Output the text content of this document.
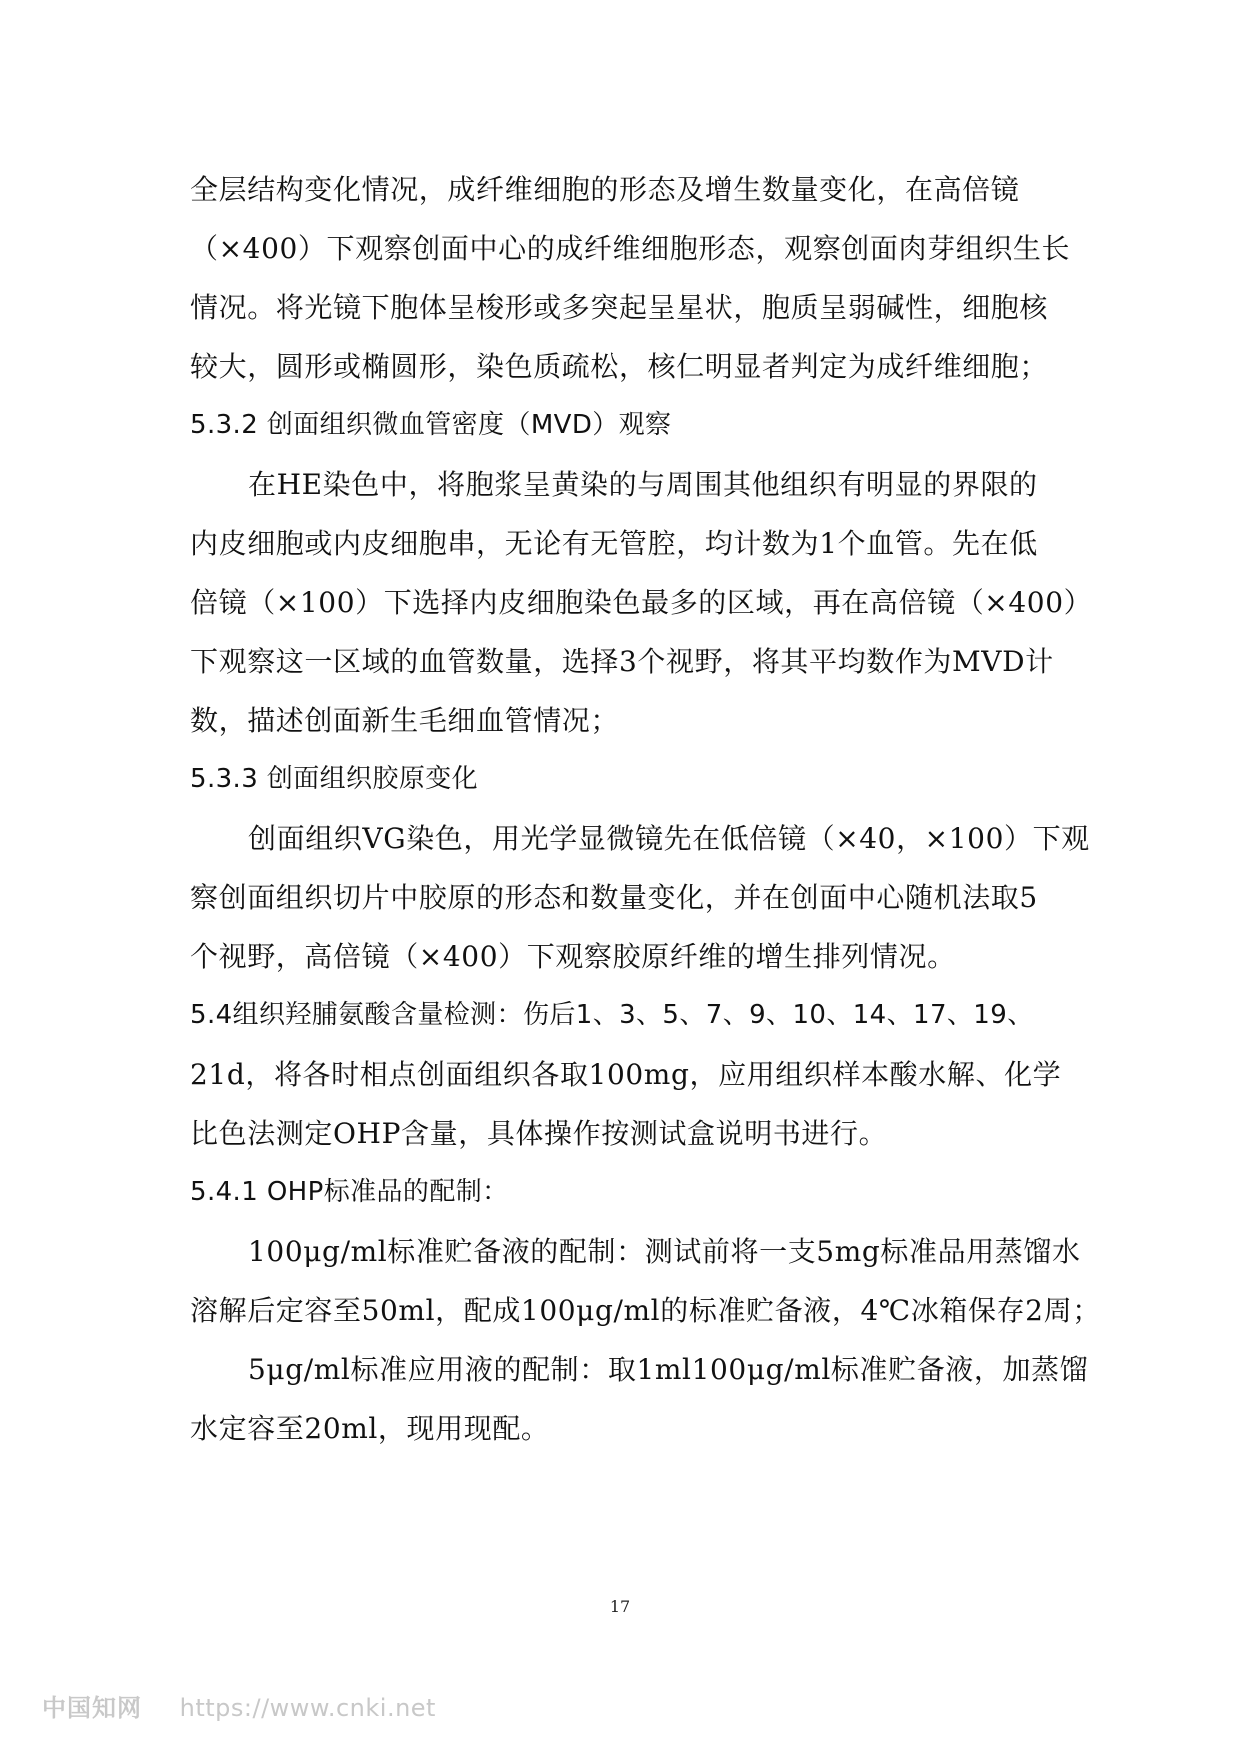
全层结构变化情况，成纤维细胞的形态及增生数量变化，在高倍镜
（×400）下观察创面中心的成纤维细胞形态，观察创面肉芽组织生长
情况。将光镜下胞体呈梭形或多突起呈星状，胞质呈弱碱性，细胞核
较大，圆形或椭圆形，染色质疏松，核仁明显者判定为成纤维细胞；
5.3.2 创面组织微血管密度（MVD）观察
在HE染色中，将胞浆呈黄染的与周围其他组织有明显的界限的
内皮细胞或内皮细胞串，无论有无管腔，均计数为1个血管。先在低
倍镜（×100）下选择内皮细胞染色最多的区域，再在高倍镜（×400）
下观察这一区域的血管数量，选择3个视野，将其平均数作为MVD计
数，描述创面新生毛细血管情况；
5.3.3 创面组织胶原变化
创面组织VG染色，用光学显微镜先在低倍镜（×40，×100）下观
察创面组织切片中胶原的形态和数量变化，并在创面中心随机法取5
个视野，高倍镜（×400）下观察胶原纤维的增生排列情况。
5.4组织羟脯氨酸含量检测：伤后1、3、5、7、9、10、14、17、19、
21d，将各时相点创面组织各取100mg，应用组织样本酸水解、化学
比色法测定OHP含量，具体操作按测试盒说明书进行。
5.4.1 OHP标准品的配制：
100μg/ml标准贮备液的配制：测试前将一支5mg标准品用蒸馏水
溶解后定容至50ml，配成100μg/ml的标准贮备液，4℃冰箱保存2周；
5μg/ml标准应用液的配制：取1ml100μg/ml标准贮备液，加蒸馏
水定容至20ml，现用现配。
17
中国知网 https://www.cnki.net
